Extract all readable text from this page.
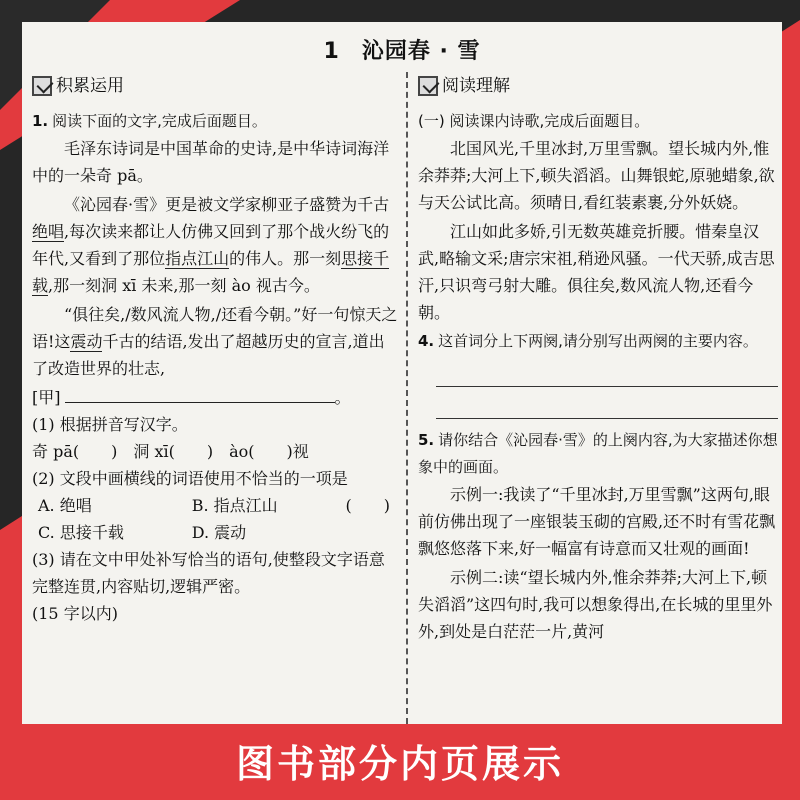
1 沁园春 · 雪
积累运用
1. 阅读下面的文字,完成后面题目。

毛泽东诗词是中国革命的史诗,是中华诗词海洋中的一朵奇 pā。

《沁园春·雪》更是被文学家柳亚子盛赞为千古绝唱,每次读来都让人仿佛又回到了那个战火纷飞的年代,又看到了那位指点江山的伟人。那一刻思接千载,那一刻洞 xī 未来,那一刻 ào 视古今。

“俱往矣,/数风流人物,/还看今朝。”好一句惊天之语!这震动千古的结语,发出了超越历史的宣言,道出了改造世界的壮志,

[甲]	。
(1) 根据拼音写汉字。
奇 pā(　　)　洞 xī(　　)　ào(　　)视
(2) 文段中画横线的词语使用不恰当的一项是
(　　)
A. 绝唱	B. 指点江山
C. 思接千载	D. 震动
(3) 请在文中甲处补写恰当的语句,使整段文字语意完整连贯,内容贴切,逻辑严密。
(15 字以内)
阅读理解
(一) 阅读课内诗歌,完成后面题目。

北国风光,千里冰封,万里雪飘。望长城内外,惟余莽莽;大河上下,顿失滔滔。山舞银蛇,原驰蜡象,欲与天公试比高。须晴日,看红装素裹,分外妖娆。

江山如此多娇,引无数英雄竞折腰。惜秦皇汉武,略输文采;唐宗宋祖,稍逊风骚。一代天骄,成吉思汗,只识弯弓射大雕。俱往矣,数风流人物,还看今朝。

4. 这首词分上下两阕,请分别写出两阕的主要内容。
5. 请你结合《沁园春·雪》的上阕内容,为大家描述你想象中的画面。

示例一:我读了“千里冰封,万里雪飘”这两句,眼前仿佛出现了一座银装玉砌的宫殿,还不时有雪花飘飘悠悠落下来,好一幅富有诗意而又壮观的画面!

示例二:读“望长城内外,惟余莽莽;大河上下,顿失滔滔”这四句时,我可以想象得出,在长城的里里外外,到处是白茫茫一片,黄河

图书部分内页展示
